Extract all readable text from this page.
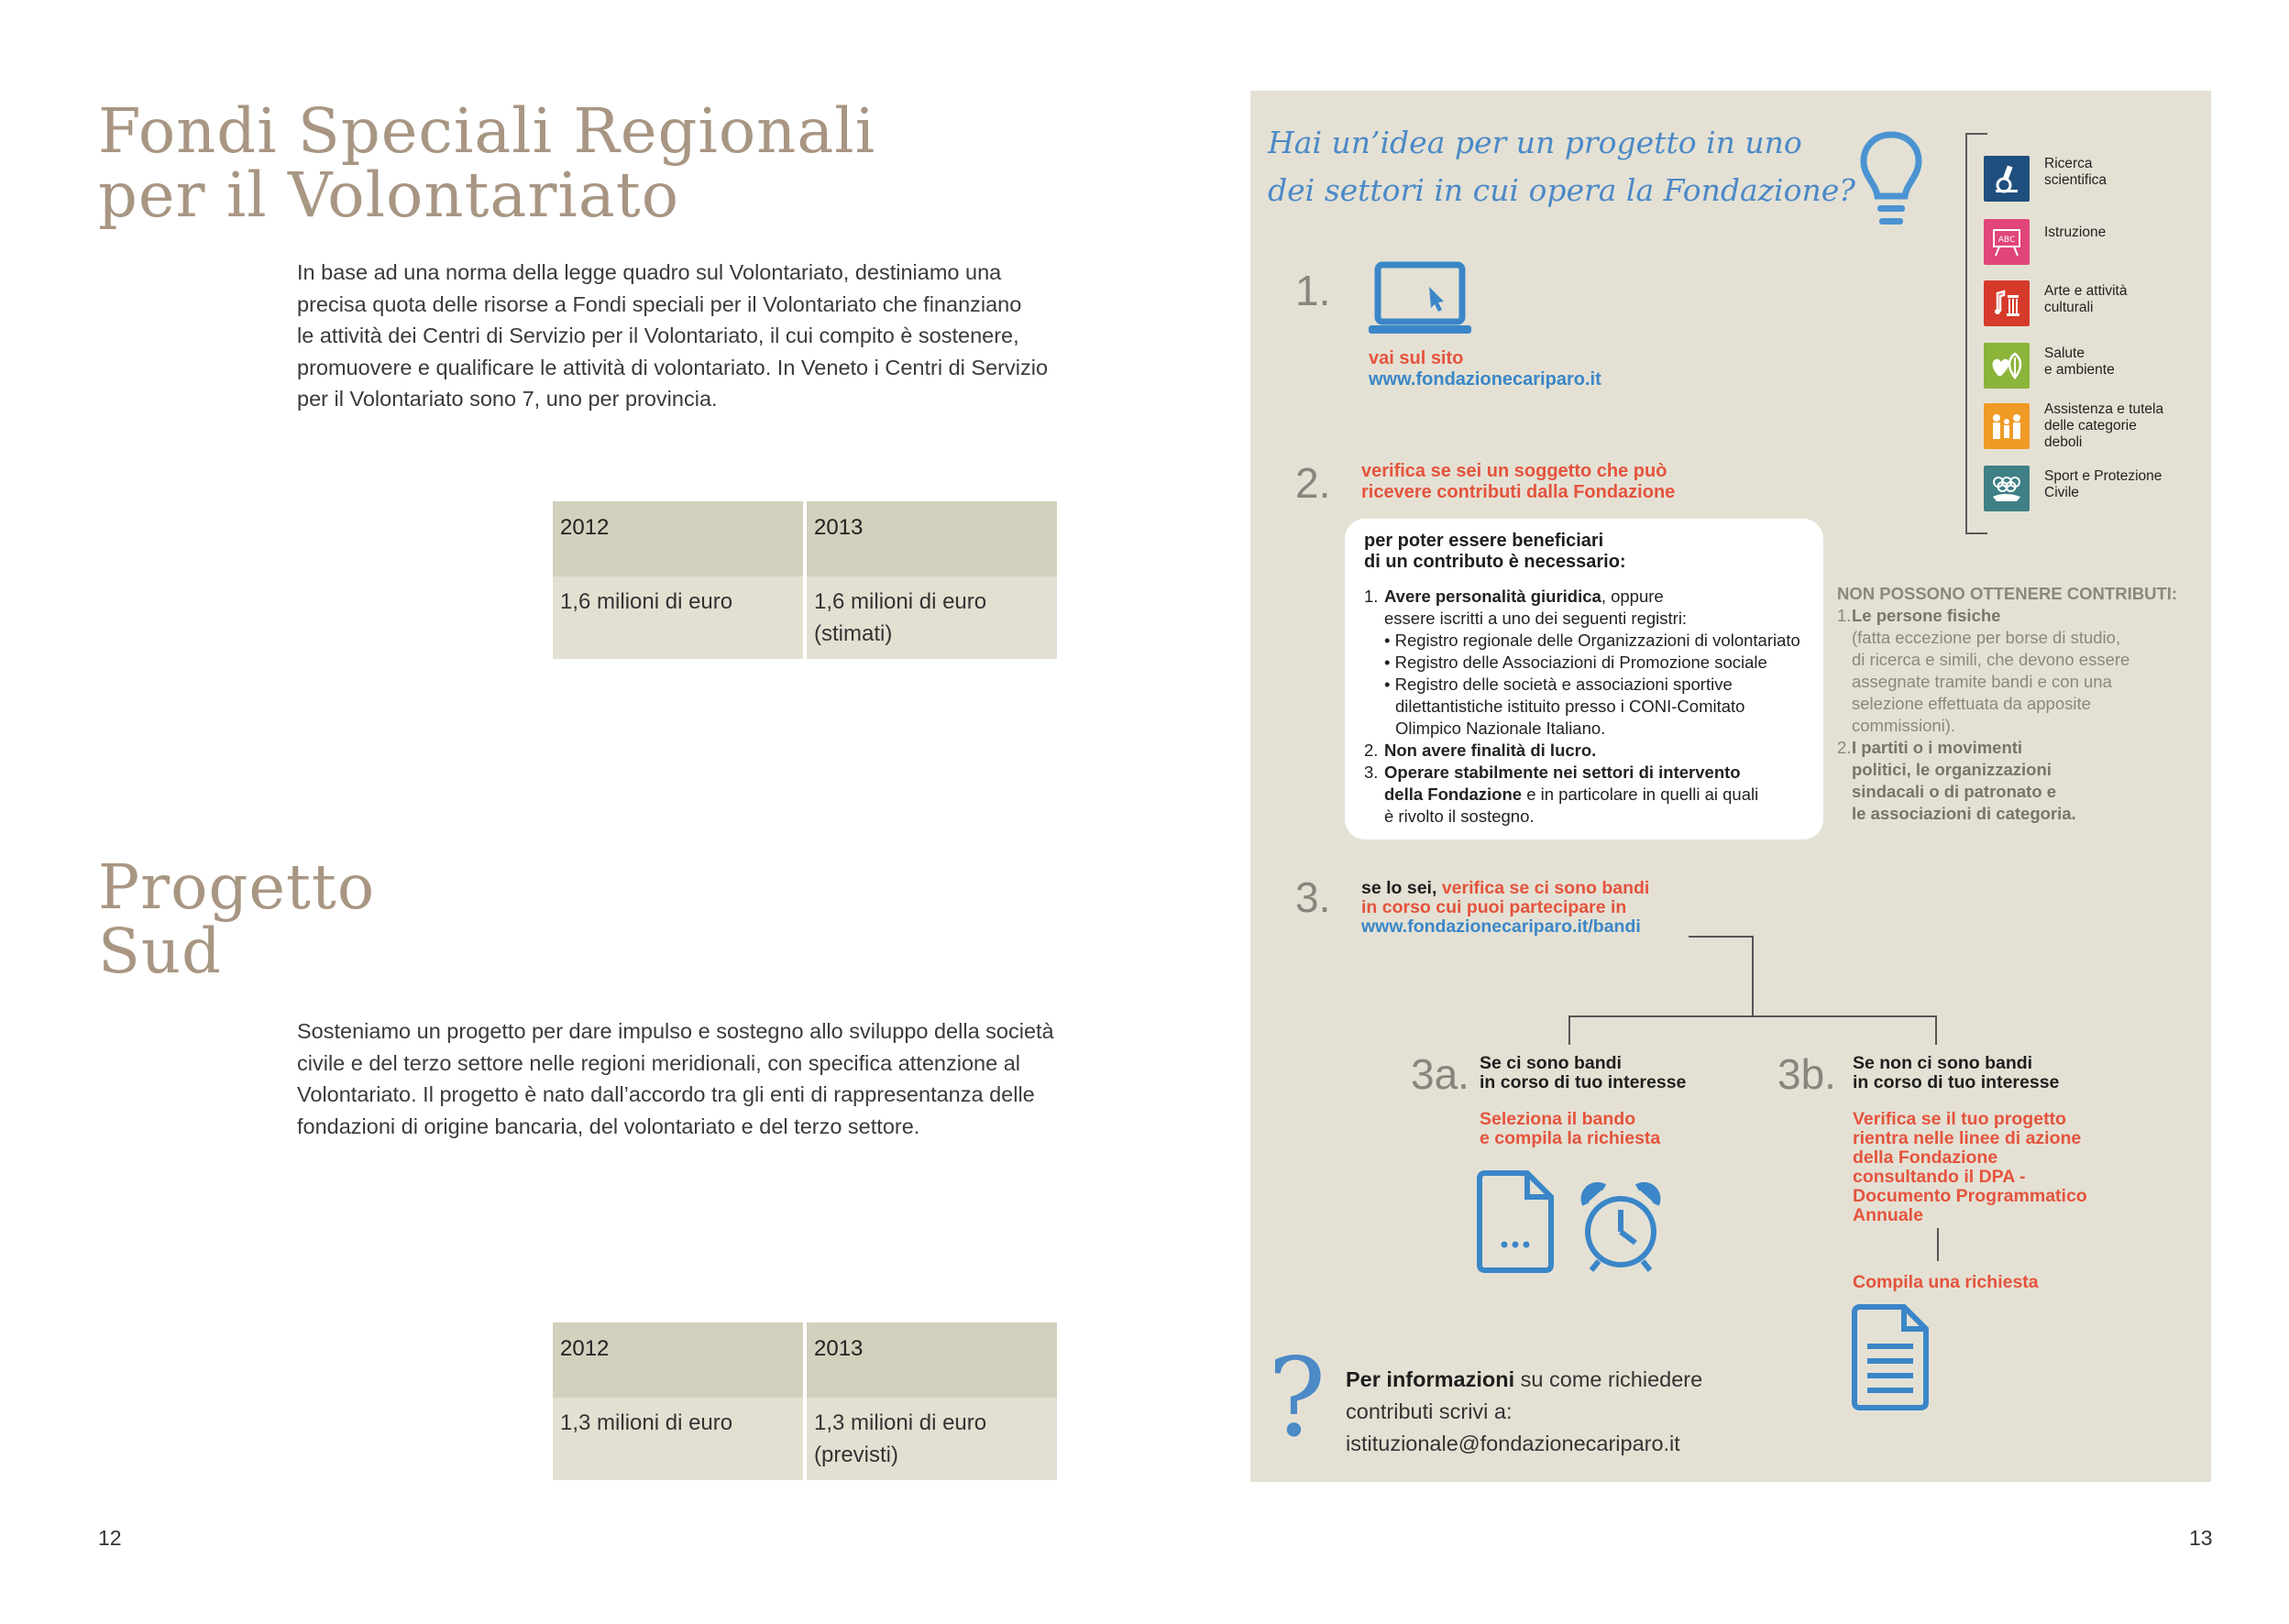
Fondi Speciali Regionali
per il Volontariato

In base ad una norma della legge quadro sul Volontariato, destiniamo una

precisa quota delle risorse a Fondi speciali per il Volontariato che finanziano

le attività dei Centri di Servizio per il Volontariato, il cui compito è sostenere,

promuovere e qualificare le attività di volontariato. In Veneto i Centri di Servizio

per il Volontariato sono 7, uno per provincia.

2012	2013

1,6 milioni di euro	1,6 milioni di euro
(stimati)
Progetto
Sud

Sosteniamo un progetto per dare impulso e sostegno allo sviluppo della società

civile e del terzo settore nelle regioni meridionali, con specifica attenzione al

Volontariato. Il progetto è nato dall’accordo tra gli enti di rappresentanza delle

fondazioni di origine bancaria, del volontariato e del terzo settore.

2012	2013

1,3 milioni di euro	1,3 milioni di euro
(previsti)
12
Hai un’idea per un progetto in uno
dei settori in cui opera la Fondazione?
Ricerca
scientifica
ABC Istruzione
Arte e attività
culturali
Salute
e ambiente
Assistenza e tutela
delle categorie
deboli
Sport e Protezione
Civile
1.
vai sul sito
www.fondazionecariparo.it
2. verifica se sei un soggetto che può
ricevere contributi dalla Fondazione
per poter essere beneficiari
di un contributo è necessario:
1. Avere personalità giuridica, oppure
essere iscritti a uno dei seguenti registri:
• Registro regionale delle Organizzazioni di volontariato
• Registro delle Associazioni di Promozione sociale
• Registro delle società e associazioni sportive
dilettantistiche istituito presso i CONI-Comitato
Olimpico Nazionale Italiano.
2. Non avere finalità di lucro.
3. Operare stabilmente nei settori di intervento
della Fondazione e in particolare in quelli ai quali
è rivolto il sostegno.
NON POSSONO OTTENERE CONTRIBUTI:
1. Le persone fisiche
(fatta eccezione per borse di studio,
di ricerca e simili, che devono essere
assegnate tramite bandi e con una
selezione effettuata da apposite
commissioni).
2. I partiti o i movimenti
politici, le organizzazioni
sindacali o di patronato e
le associazioni di categoria.
3. se lo sei, verifica se ci sono bandi
in corso cui puoi partecipare in
www.fondazionecariparo.it/bandi
3a. Se ci sono bandi
in corso di tuo interesse
Seleziona il bando
e compila la richiesta
3b. Se non ci sono bandi
in corso di tuo interesse
Verifica se il tuo progetto
rientra nelle linee di azione
della Fondazione
consultando il DPA -
Documento Programmatico
Annuale
Compila una richiesta
? Per informazioni su come richiedere
contributi scrivi a:
istituzionale@fondazionecariparo.it
13
